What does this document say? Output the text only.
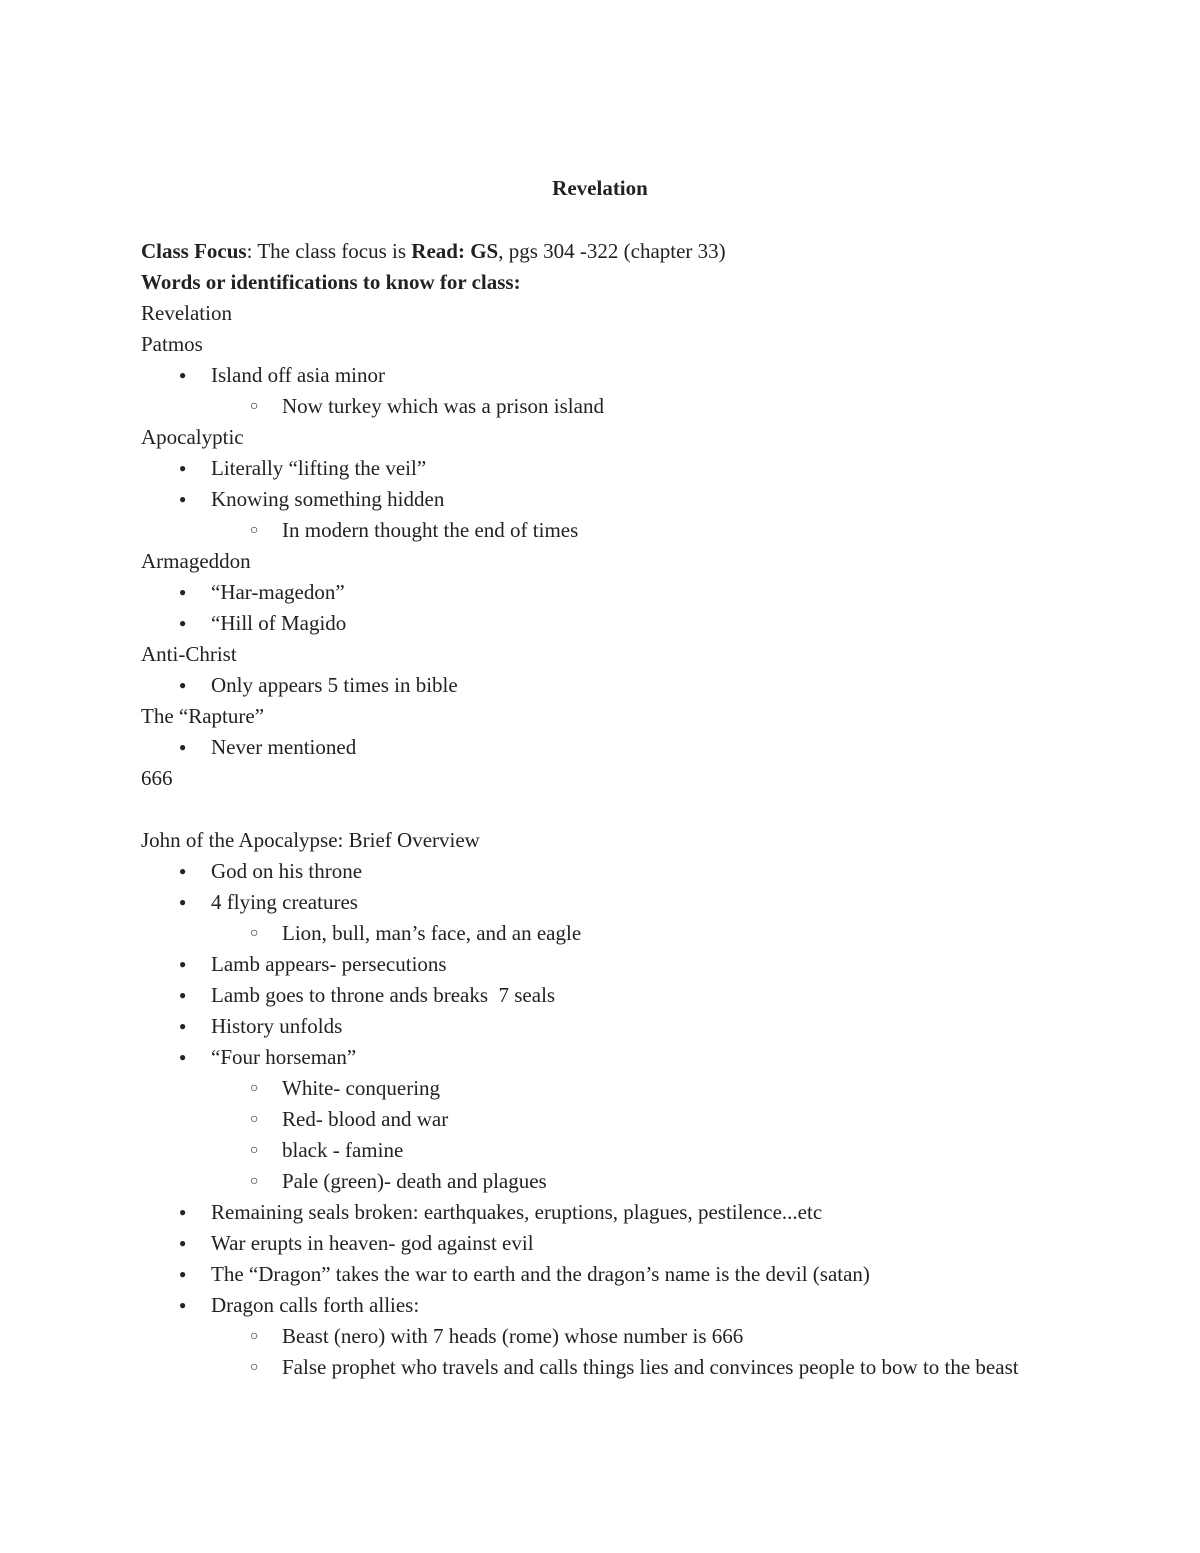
Revelation
Class Focus: The class focus is Read: GS, pgs 304 -322 (chapter 33)
Words or identifications to know for class:
Revelation
Patmos
● Island off asia minor
○ Now turkey which was a prison island
Apocalyptic
● Literally “lifting the veil”
● Knowing something hidden
○ In modern thought the end of times
Armageddon
● “Har-magedon”
● “Hill of Magido
Anti-Christ
● Only appears 5 times in bible
The “Rapture”
● Never mentioned
666
John of the Apocalypse: Brief Overview
● God on his throne
● 4 flying creatures
○ Lion, bull, man’s face, and an eagle
● Lamb appears- persecutions
● Lamb goes to throne ands breaks  7 seals
● History unfolds
● “Four horseman”
○ White- conquering
○ Red- blood and war
○ black - famine
○ Pale (green)- death and plagues
● Remaining seals broken: earthquakes, eruptions, plagues, pestilence...etc
● War erupts in heaven- god against evil
● The “Dragon” takes the war to earth and the dragon’s name is the devil (satan)
● Dragon calls forth allies:
○ Beast (nero) with 7 heads (rome) whose number is 666
○ False prophet who travels and calls things lies and convinces people to bow to the beast
